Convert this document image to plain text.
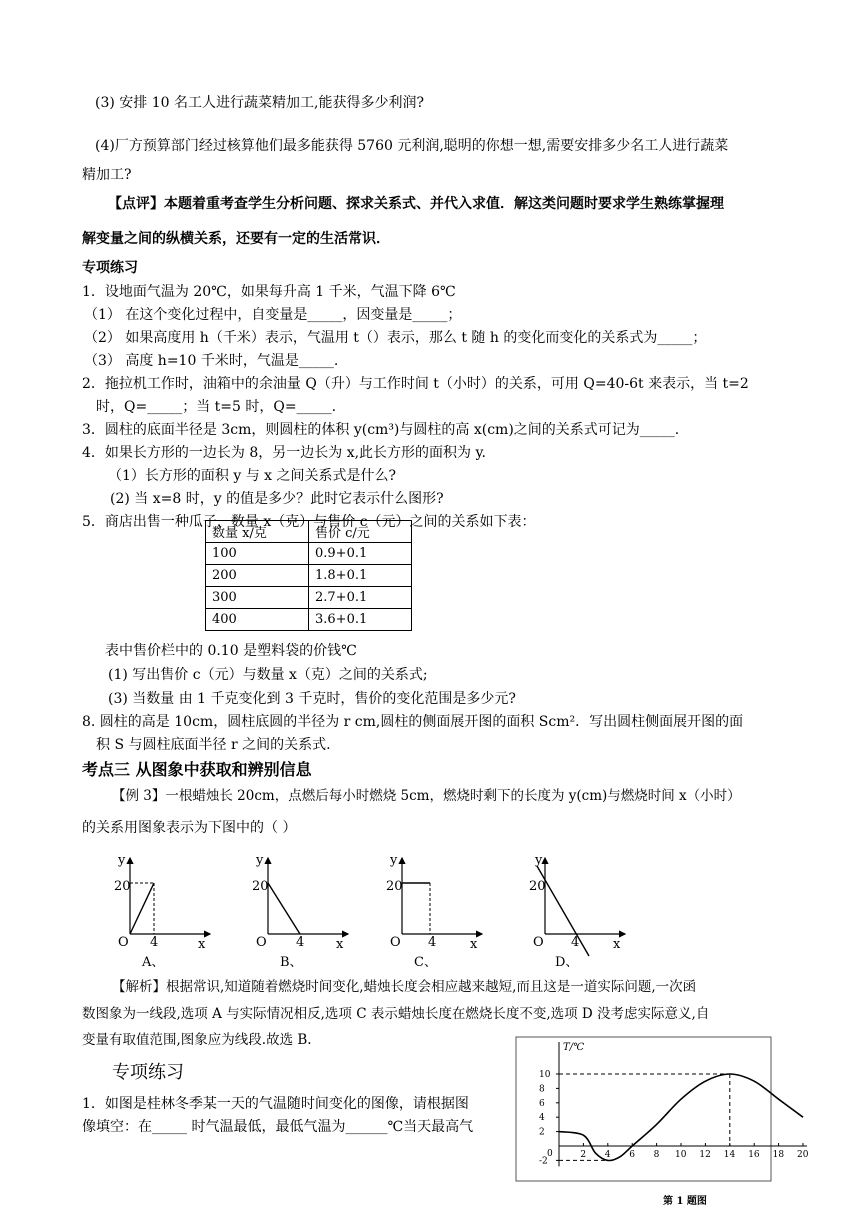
(3) 安排 10 名工人进行蔬菜精加工,能获得多少利润?
(4)厂方预算部门经过核算他们最多能获得 5760 元利润,聪明的你想一想,需要安排多少名工人进行蔬菜
精加工?
【点评】本题着重考查学生分析问题、探求关系式、并代入求值．解这类问题时要求学生熟练掌握理
解变量之间的纵横关系，还要有一定的生活常识．
专项练习
1．设地面气温为 20℃，如果每升高 1 千米，气温下降 6℃
（1） 在这个变化过程中，自变量是_____，因变量是_____；
（2） 如果高度用 h（千米）表示，气温用 t（）表示，那么 t 随 h 的变化而变化的关系式为_____；
（3） 高度 h=10 千米时，气温是_____.
2．拖拉机工作时，油箱中的余油量 Q（升）与工作时间 t（小时）的关系，可用 Q=40-6t 来表示，当 t=2
时，Q=_____；当 t=5 时，Q=_____.
3．圆柱的底面半径是 3cm，则圆柱的体积 y(cm³)与圆柱的高 x(cm)之间的关系式可记为_____.
4．如果长方形的一边长为 8，另一边长为 x,此长方形的面积为 y.
（1）长方形的面积 y 与 x 之间关系式是什么?
(2) 当 x=8 时，y 的值是多少？此时它表示什么图形?
5．商店出售一种瓜子，数量 x（克）与售价 c（元）之间的关系如下表：
数量 x/克	售价 c/元
100	0.9+0.1
200	1.8+0.1
300	2.7+0.1
400	3.6+0.1
表中售价栏中的 0.10 是塑料袋的价钱℃
(1) 写出售价 c（元）与数量 x（克）之间的关系式;
(3) 当数量 由 1 千克变化到 3 千克时，售价的变化范围是多少元?
8. 圆柱的高是 10cm，圆柱底圆的半径为 r cm,圆柱的侧面展开图的面积 Scm²．写出圆柱侧面展开图的面
积 S 与圆柱底面半径 r 之间的关系式.
考点三 从图象中获取和辨别信息
【例 3】一根蜡烛长 20cm，点燃后每小时燃烧 5cm，燃烧时剩下的长度为 y(cm)与燃烧时间 x（小时）
的关系用图象表示为下图中的（ ）
y
20
O 4	x
A、
y
20
O 4 x
B、
y
20
O 4	x
C、
y
20
O 4	x
D、
【解析】根据常识,知道随着燃烧时间变化,蜡烛长度会相应越来越短,而且这是一道实际问题,一次函
数图象为一线段,选项 A 与实际情况相反,选项 C 表示蜡烛长度在燃烧长度不变,选项 D 没考虑实际意义,自
变量有取值范围,图象应为线段.故选 B.
专项练习
1．如图是桂林冬季某一天的气温随时间变化的图像，请根据图
像填空：在_____ 时气温最低，最低气温为______℃当天最高气
10
8
6
4
2
0
-2
2 4 6 8 10 12 14 16 18 20
T/℃
第 1 题图
